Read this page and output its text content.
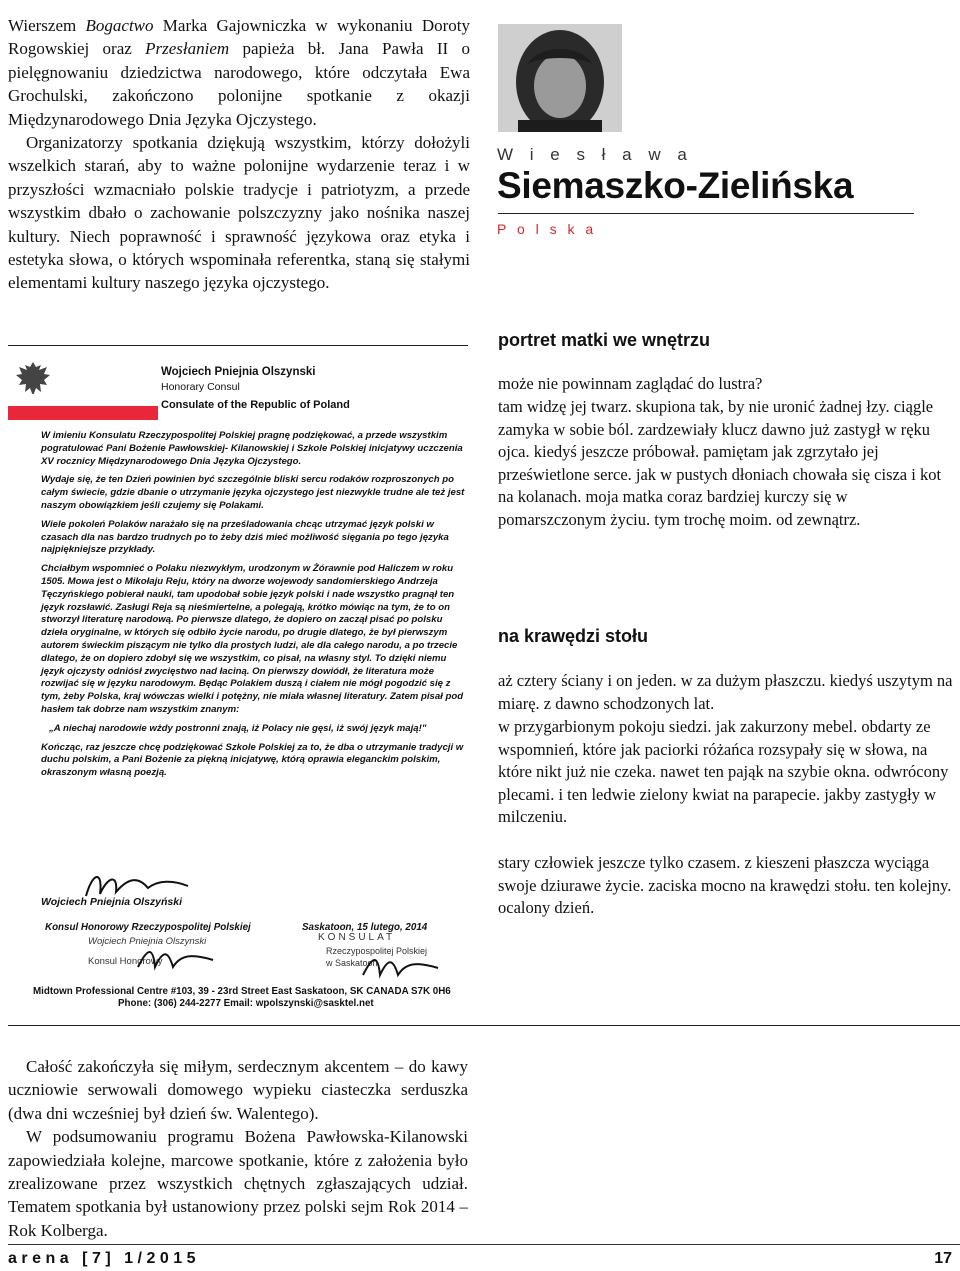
Wierszem Bogactwo Marka Gajowniczka w wykonaniu Doroty Rogowskiej oraz Przesłaniem papieża bł. Jana Pawła II o pielęgnowaniu dziedzictwa narodowego, które odczytała Ewa Grochulski, zakończono polonijne spotkanie z okazji Międzynarodowego Dnia Języka Ojczystego.

Organizatorzy spotkania dziękują wszystkim, którzy dołożyli wszelkich starań, aby to ważne polonijne wydarzenie teraz i w przyszłości wzmacniało polskie tradycje i patriotyzm, a przede wszystkim dbało o zachowanie polszczyzny jako nośnika naszej kultury. Niech poprawność i sprawność językowa oraz etyka i estetyka słowa, o których wspominała referentka, staną się stałymi elementami kultury naszego języka ojczystego.

Wojciech Pniejnia Olszynski
Honorary Consul
Consulate of the Republic of Poland

W imieniu Konsulatu Rzeczypospolitej Polskiej pragnę podziękować, a przede wszystkim pogratulować Pani Bożenie Pawłowskiej- Kilanowskiej i Szkole Polskiej inicjatywy uczczenia XV rocznicy Międzynarodowego Dnia Języka Ojczystego.

Wydaje się, że ten Dzień powinien być szczególnie bliski sercu rodaków rozproszonych po całym świecie, gdzie dbanie o utrzymanie języka ojczystego jest niezwykle trudne ale też jest naszym obowiązkiem jeśli czujemy się Polakami.

Wiele pokoleń Polaków narażało się na prześladowania chcąc utrzymać język polski w czasach dla nas bardzo trudnych po to żeby dziś mieć możliwość sięgania po tego języka najpiękniejsze przykłady.

Chciałbym wspomnieć o Polaku niezwykłym, urodzonym w Żórawnie pod Haliczem w roku 1505. Mowa jest o Mikołaju Reju, który na dworze wojewody sandomierskiego Andrzeja Tęczyńskiego pobierał nauki, tam upodobał sobie język polski i nade wszystko pragnął ten język rozsławić. Zasługi Reja są nieśmiertelne, a polegają, krótko mówiąc na tym, że to on stworzył literaturę narodową. Po pierwsze dlatego, że dopiero on zaczął pisać po polsku dzieła oryginalne, w których się odbiło życie narodu, po drugie dlatego, że był pierwszym autorem świeckim piszącym nie tylko dla prostych ludzi, ale dla całego narodu, a po trzecie dlatego, że on dopiero zdobył się we wszystkim, co pisał, na własny styl. To dzięki niemu język ojczysty odniósł zwycięstwo nad łaciną. On pierwszy dowiódł, że literatura może rozwijać się w języku narodowym. Będąc Polakiem duszą i ciałem nie mógł pogodzić się z tym, żeby Polska, kraj wówczas wielki i potężny, nie miała własnej literatury. Zatem pisał pod hasłem tak dobrze nam wszystkim znanym:

„A niechaj narodowie wżdy postronni znają, iż Polacy nie gęsi, iż swój język mają!"

Kończąc, raz jeszcze chcę podziękować Szkole Polskiej za to, że dba o utrzymanie tradycji w duchu polskim, a Pani Bożenie za piękną inicjatywę, którą oprawia eleganckim polskim, okraszonym własną poezją.

Wojciech Pniejnia Olszyński
Konsul Honorowy Rzeczypospolitej Polskiej	Saskatoon, 15 lutego, 2014
Wojciech Pniejnia Olszynski
Konsul Honorowy
KONSULAT
Rzeczypospolitej Polskiej
w Saskatoon
Midtown Professional Centre #103, 39 - 23rd Street East Saskatoon, SK CANADA S7K 0H6
Phone: (306) 244-2277 Email: wpolszynski@sasktel.net
W i e s ł a w a
Siemaszko-Zielińska
P o l s k a
portret matki we wnętrzu

może nie powinnam zaglądać do lustra?

tam widzę jej twarz. skupiona tak, by nie uronić żadnej łzy. ciągle zamyka w sobie ból. zardzewiały klucz dawno już zastygł w ręku ojca. kiedyś jeszcze próbował. pamiętam jak zgrzytało jej prześwietlone serce. jak w pustych dłoniach chowała się cisza i kot na kolanach. moja matka coraz bardziej kurczy się w pomarszczonym życiu. tym trochę moim. od zewnątrz.

na krawędzi stołu

aż cztery ściany i on jeden. w za dużym płaszczu. kiedyś uszytym na miarę. z dawno schodzonych lat.

w przygarbionym pokoju siedzi. jak zakurzony mebel. obdarty ze wspomnień, które jak paciorki różańca rozsypały się w słowa, na które nikt już nie czeka. nawet ten pająk na szybie okna. odwrócony plecami. i ten ledwie zielony kwiat na parapecie. jakby zastygły w milczeniu.

stary człowiek jeszcze tylko czasem. z kieszeni płaszcza wyciąga swoje dziurawe życie. zaciska mocno na krawędzi stołu. ten kolejny. ocalony dzień.

Całość zakończyła się miłym, serdecznym akcentem – do kawy uczniowie serwowali domowego wypieku ciasteczka serduszka (dwa dni wcześniej był dzień św. Walentego).

W podsumowaniu programu Bożena Pawłowska-Kilanowski zapowiedziała kolejne, marcowe spotkanie, które z założenia było zrealizowane przez wszystkich chętnych zgłaszających udział. Tematem spotkania był ustanowiony przez polski sejm Rok 2014 – Rok Kolberga.

arena [7] 1/2015	17
